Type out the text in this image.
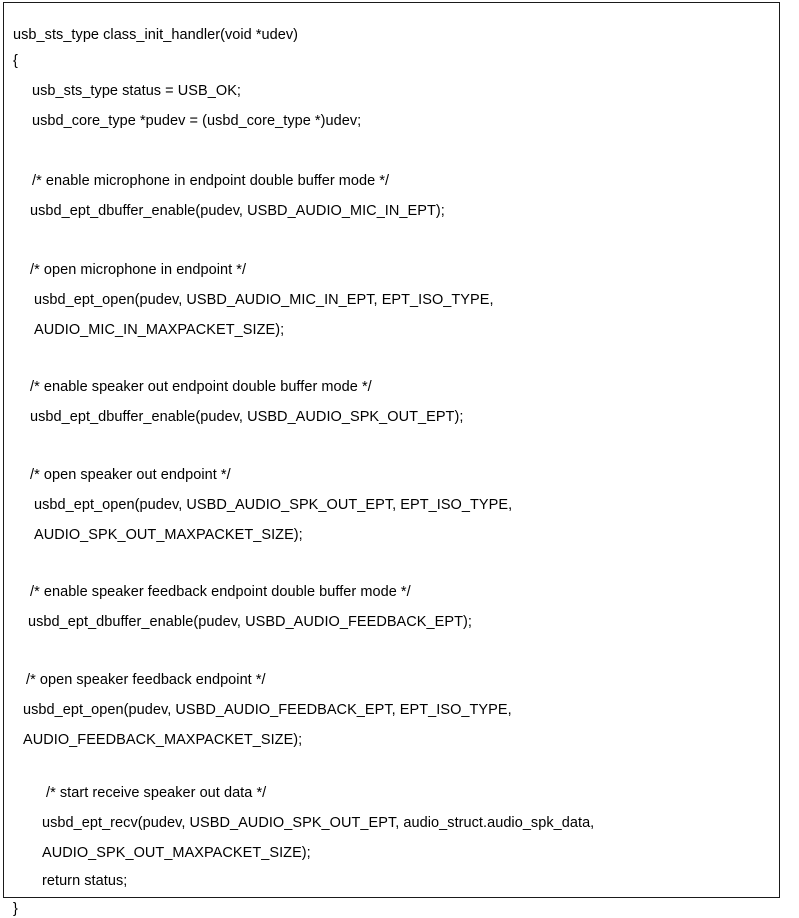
usb_sts_type class_init_handler(void *udev)
{
usb_sts_type status = USB_OK;
usbd_core_type *pudev = (usbd_core_type *)udev;
/* enable microphone in endpoint double buffer mode */
usbd_ept_dbuffer_enable(pudev, USBD_AUDIO_MIC_IN_EPT);
/* open microphone in endpoint */
usbd_ept_open(pudev, USBD_AUDIO_MIC_IN_EPT, EPT_ISO_TYPE,
AUDIO_MIC_IN_MAXPACKET_SIZE);
/* enable speaker out endpoint double buffer mode */
usbd_ept_dbuffer_enable(pudev, USBD_AUDIO_SPK_OUT_EPT);
/* open speaker out endpoint */
usbd_ept_open(pudev, USBD_AUDIO_SPK_OUT_EPT, EPT_ISO_TYPE,
AUDIO_SPK_OUT_MAXPACKET_SIZE);
/* enable speaker feedback endpoint double buffer mode */
usbd_ept_dbuffer_enable(pudev, USBD_AUDIO_FEEDBACK_EPT);
/* open speaker feedback endpoint */
usbd_ept_open(pudev, USBD_AUDIO_FEEDBACK_EPT, EPT_ISO_TYPE,
AUDIO_FEEDBACK_MAXPACKET_SIZE);
/* start receive speaker out data */
usbd_ept_recv(pudev, USBD_AUDIO_SPK_OUT_EPT, audio_struct.audio_spk_data,
AUDIO_SPK_OUT_MAXPACKET_SIZE);
return status;
}
